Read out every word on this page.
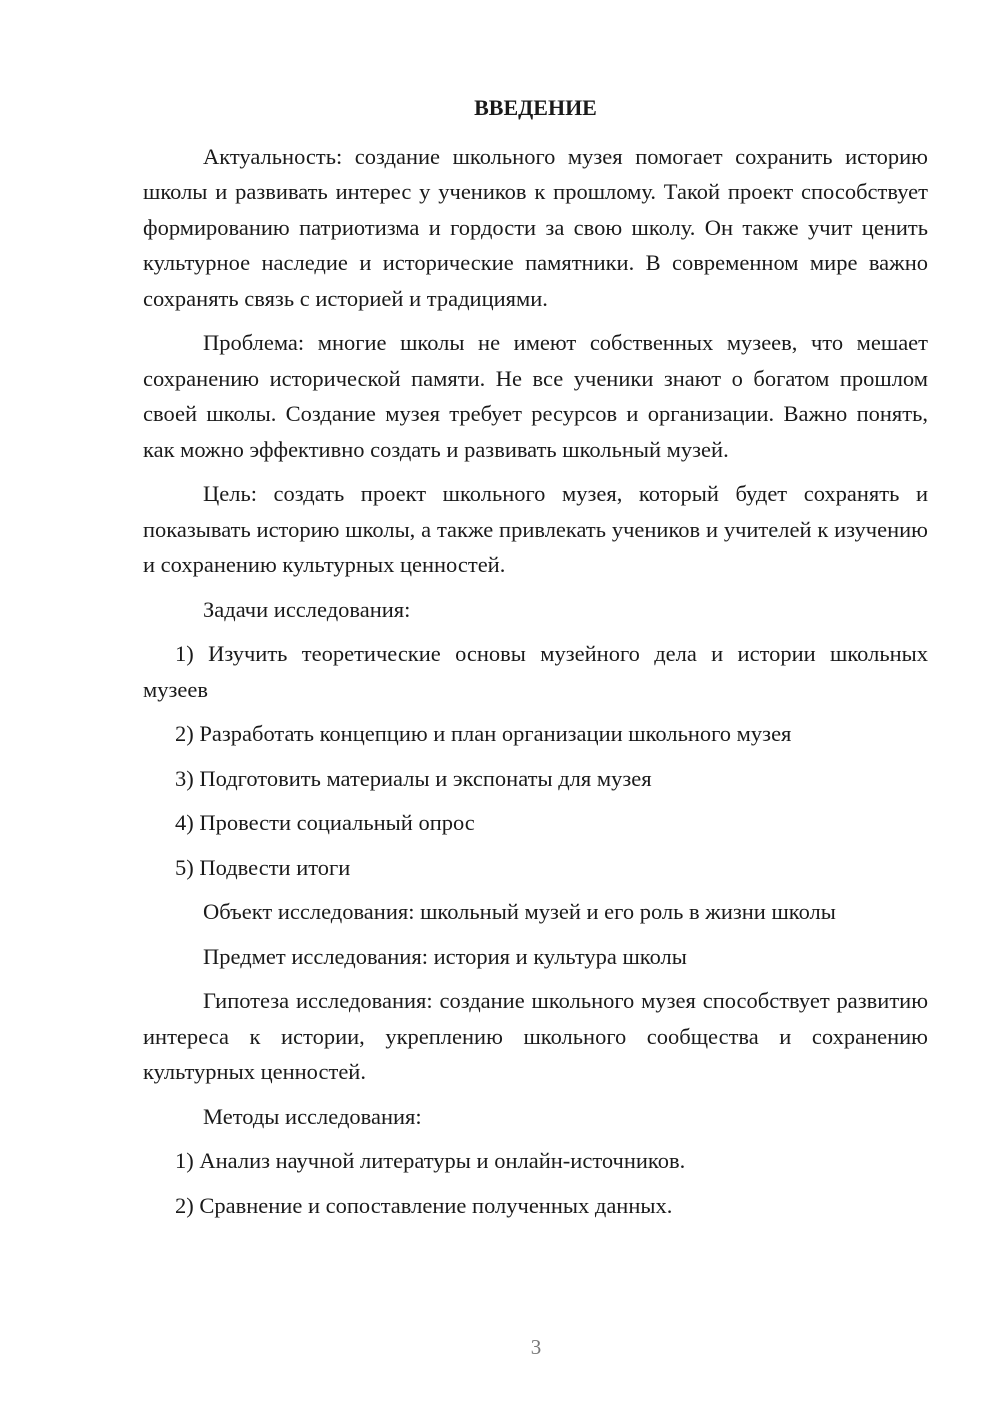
ВВЕДЕНИЕ

Актуальность: создание школьного музея помогает сохранить историю школы и развивать интерес у учеников к прошлому. Такой проект способствует формированию патриотизма и гордости за свою школу. Он также учит ценить культурное наследие и исторические памятники. В современном мире важно сохранять связь с историей и традициями.

Проблема: многие школы не имеют собственных музеев, что мешает сохранению исторической памяти. Не все ученики знают о богатом прошлом своей школы. Создание музея требует ресурсов и организации. Важно понять, как можно эффективно создать и развивать школьный музей.

Цель: создать проект школьного музея, который будет сохранять и показывать историю школы, а также привлекать учеников и учителей к изучению и сохранению культурных ценностей.

Задачи исследования:

1) Изучить теоретические основы музейного дела и истории школьных музеев

2) Разработать концепцию и план организации школьного музея

3) Подготовить материалы и экспонаты для музея

4) Провести социальный опрос

5) Подвести итоги

Объект исследования: школьный музей и его роль в жизни школы

Предмет исследования: история и культура школы

Гипотеза исследования: создание школьного музея способствует развитию интереса к истории, укреплению школьного сообщества и сохранению культурных ценностей.

Методы исследования:

1) Анализ научной литературы и онлайн-источников.

2) Сравнение и сопоставление полученных данных.

3
